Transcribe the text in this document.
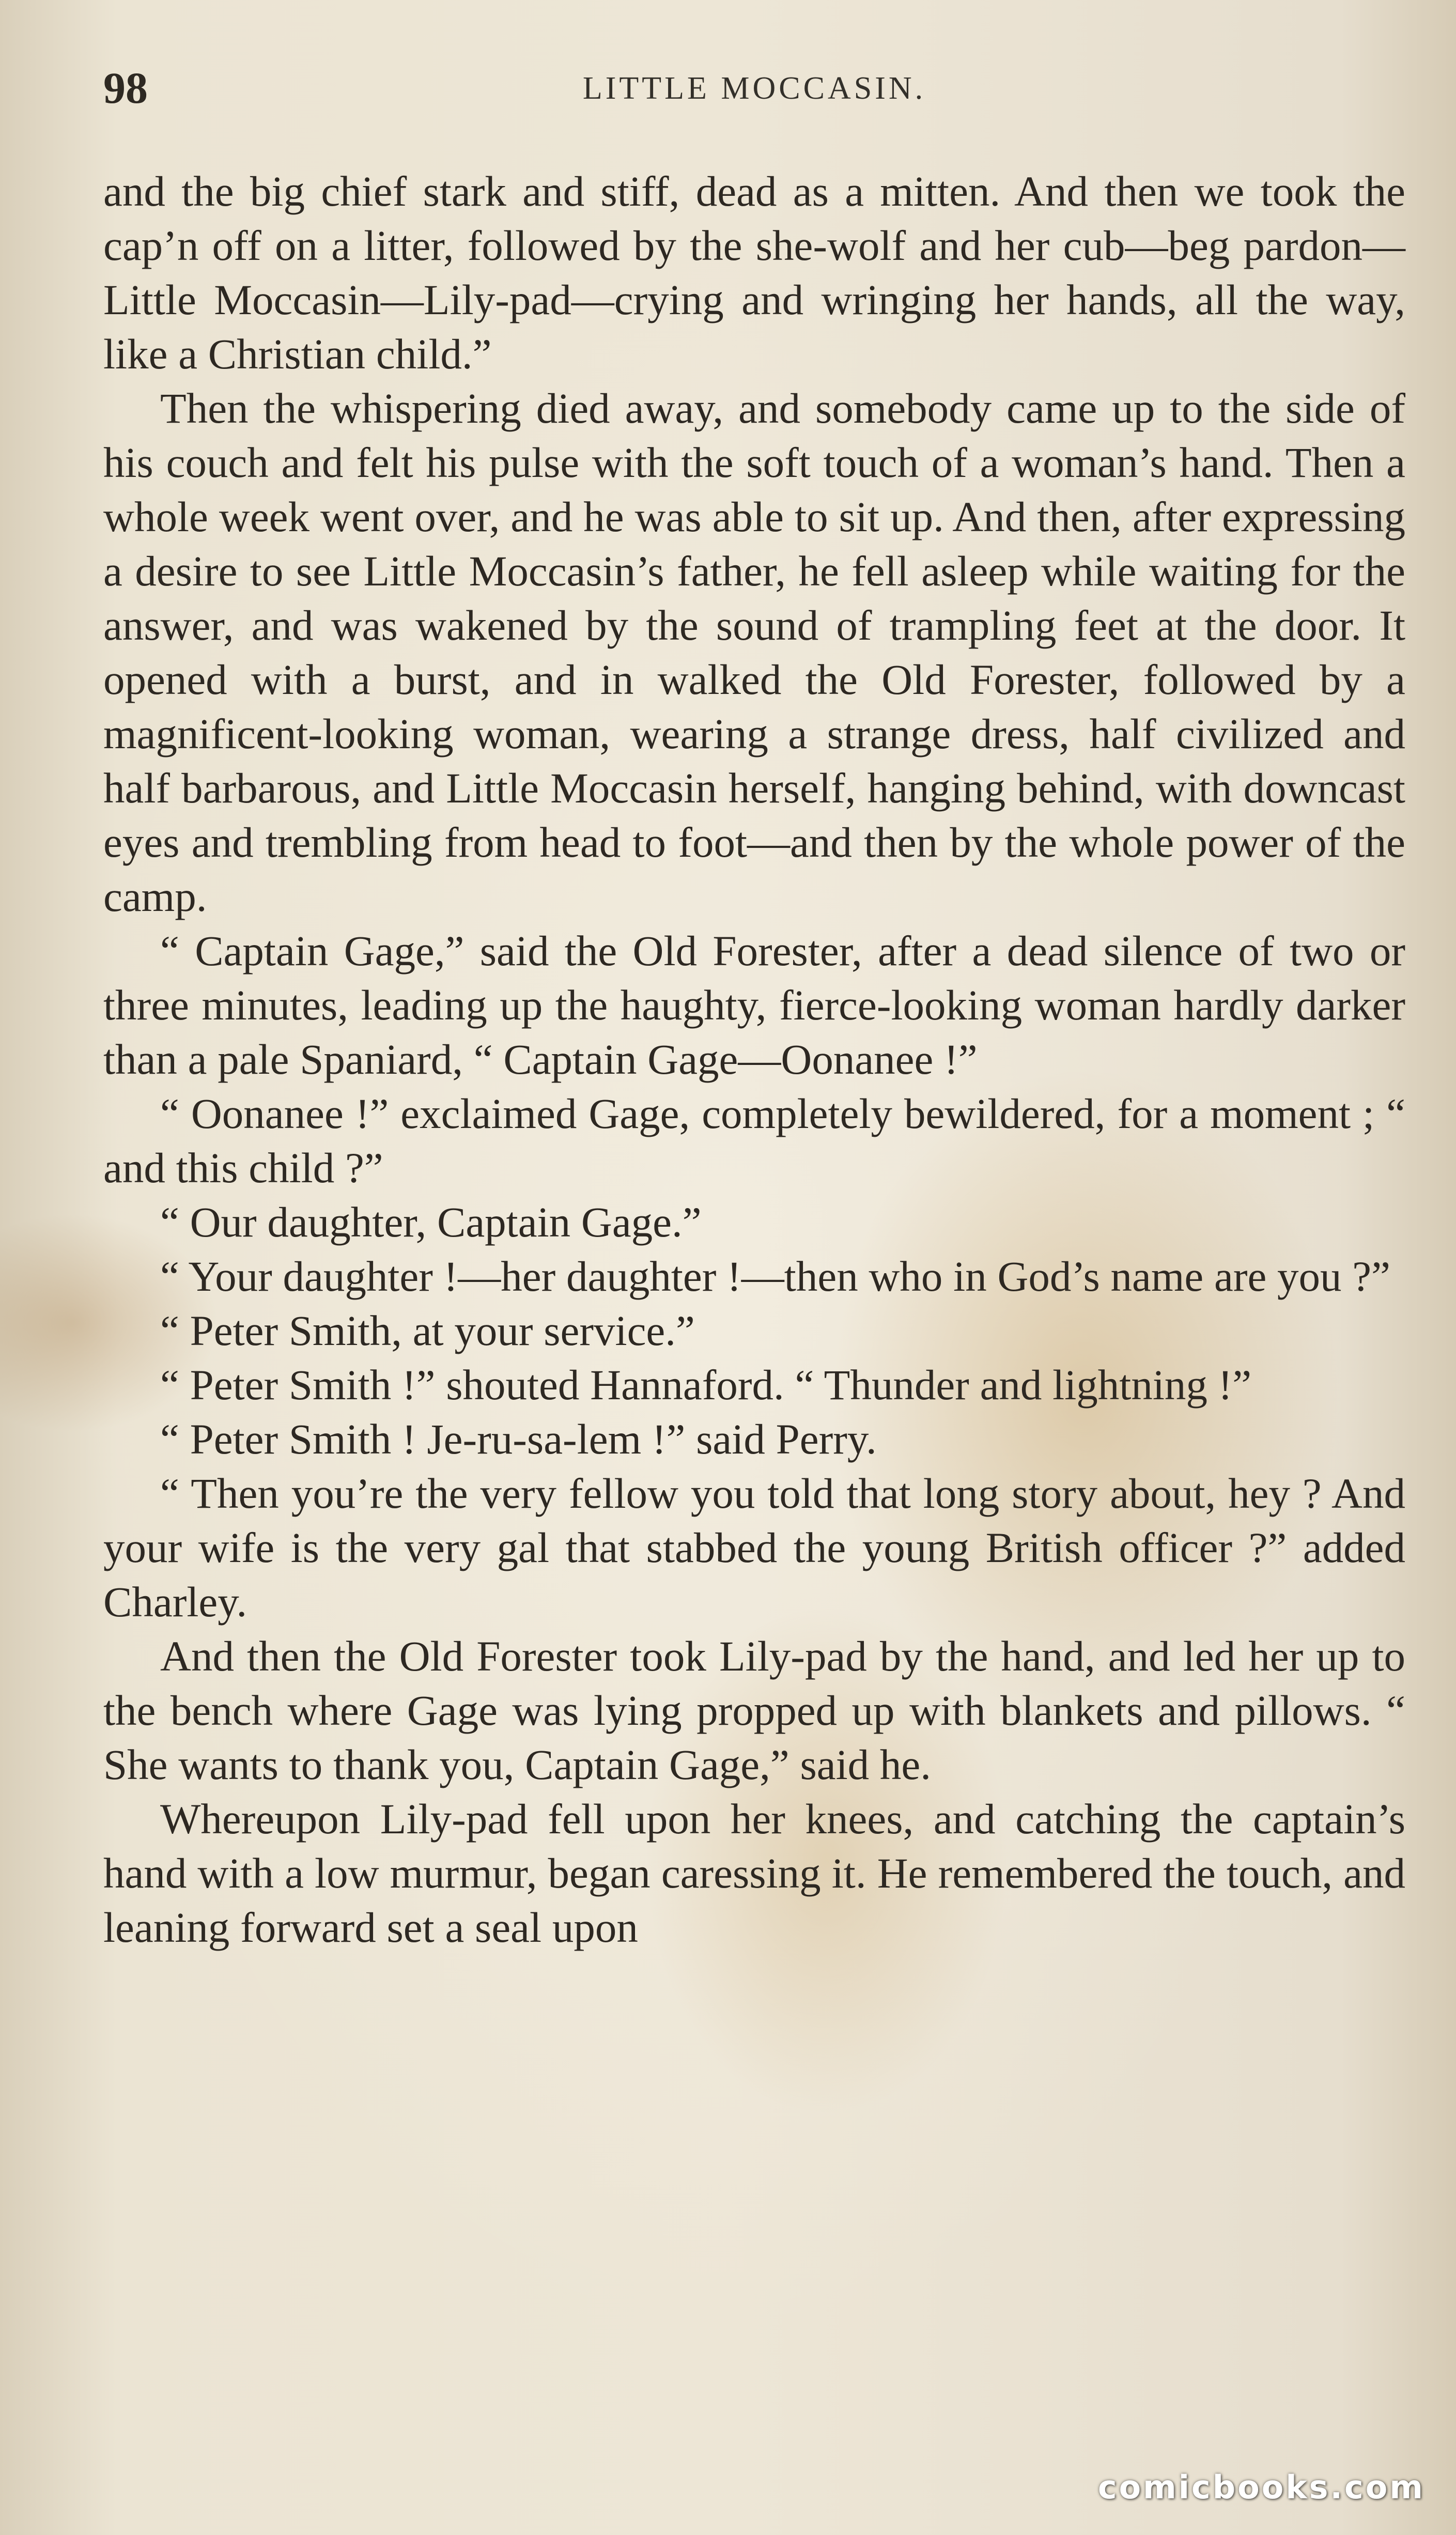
98	LITTLE MOCCASIN.

and the big chief stark and stiff, dead as a mitten. And then we took the cap’n off on a litter, followed by the she-wolf and her cub—beg pardon—Little Moccasin—Lily-pad—crying and wringing her hands, all the way, like a Christian child.”

Then the whispering died away, and somebody came up to the side of his couch and felt his pulse with the soft touch of a woman’s hand. Then a whole week went over, and he was able to sit up. And then, after expressing a desire to see Little Moccasin’s father, he fell asleep while waiting for the answer, and was wakened by the sound of trampling feet at the door. It opened with a burst, and in walked the Old Forester, followed by a magnificent-looking woman, wearing a strange dress, half civilized and half barbarous, and Little Moccasin herself, hanging behind, with downcast eyes and trembling from head to foot—and then by the whole power of the camp.

“ Captain Gage,” said the Old Forester, after a dead silence of two or three minutes, leading up the haughty, fierce-looking woman hardly darker than a pale Spaniard, “ Captain Gage—Oonanee !”

“ Oonanee !” exclaimed Gage, completely bewildered, for a moment ; “ and this child ?”

“ Our daughter, Captain Gage.”

“ Your daughter !—her daughter !—then who in God’s name are you ?”

“ Peter Smith, at your service.”

“ Peter Smith !” shouted Hannaford. “ Thunder and lightning !”

“ Peter Smith ! Je-ru-sa-lem !” said Perry.

“ Then you’re the very fellow you told that long story about, hey ? And your wife is the very gal that stabbed the young British officer ?” added Charley.

And then the Old Forester took Lily-pad by the hand, and led her up to the bench where Gage was lying propped up with blankets and pillows. “ She wants to thank you, Captain Gage,” said he.

Whereupon Lily-pad fell upon her knees, and catching the captain’s hand with a low murmur, began caressing it. He remembered the touch, and leaning forward set a seal upon

comicbooks.com
